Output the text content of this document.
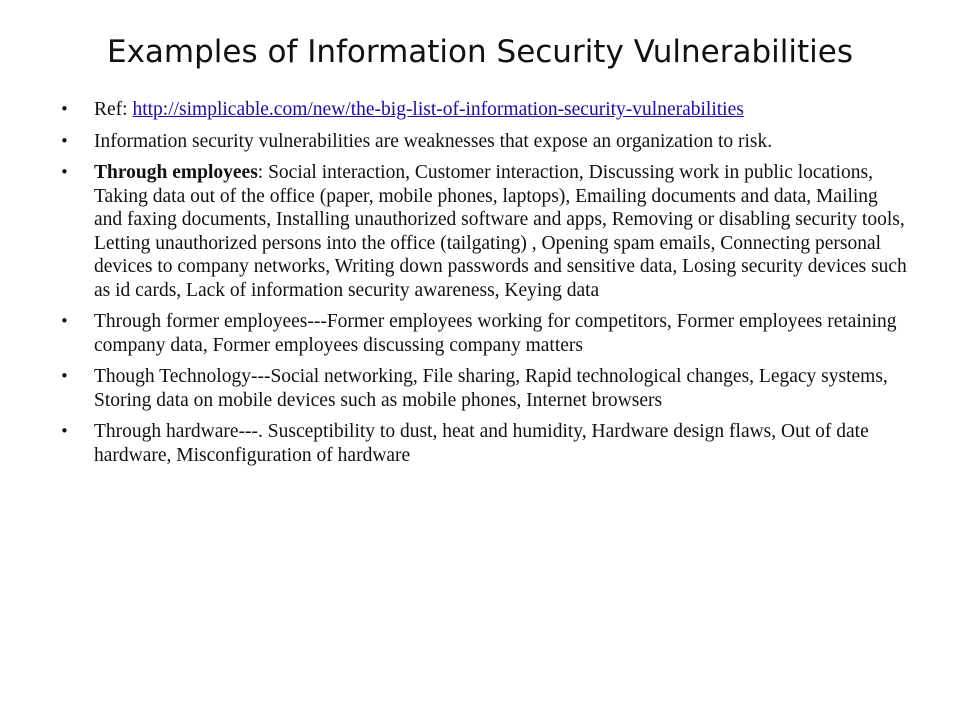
Examples of Information Security Vulnerabilities
• Ref: http://simplicable.com/new/the-big-list-of-information-security-vulnerabilities
• Information security vulnerabilities are weaknesses that expose an organization to risk.
• Through employees: Social interaction, Customer interaction, Discussing work in public locations, Taking data out of the office (paper, mobile phones, laptops), Emailing documents and data, Mailing and faxing documents, Installing unauthorized software and apps, Removing or disabling security tools, Letting unauthorized persons into the office (tailgating) , Opening spam emails, Connecting personal devices to company networks, Writing down passwords and sensitive data, Losing security devices such as id cards, Lack of information security awareness, Keying data
• Through former employees---Former employees working for competitors, Former employees retaining company data, Former employees discussing company matters
• Though Technology---Social networking, File sharing, Rapid technological changes, Legacy systems, Storing data on mobile devices such as mobile phones, Internet browsers
• Through hardware---. Susceptibility to dust, heat and humidity, Hardware design flaws, Out of date hardware, Misconfiguration of hardware
